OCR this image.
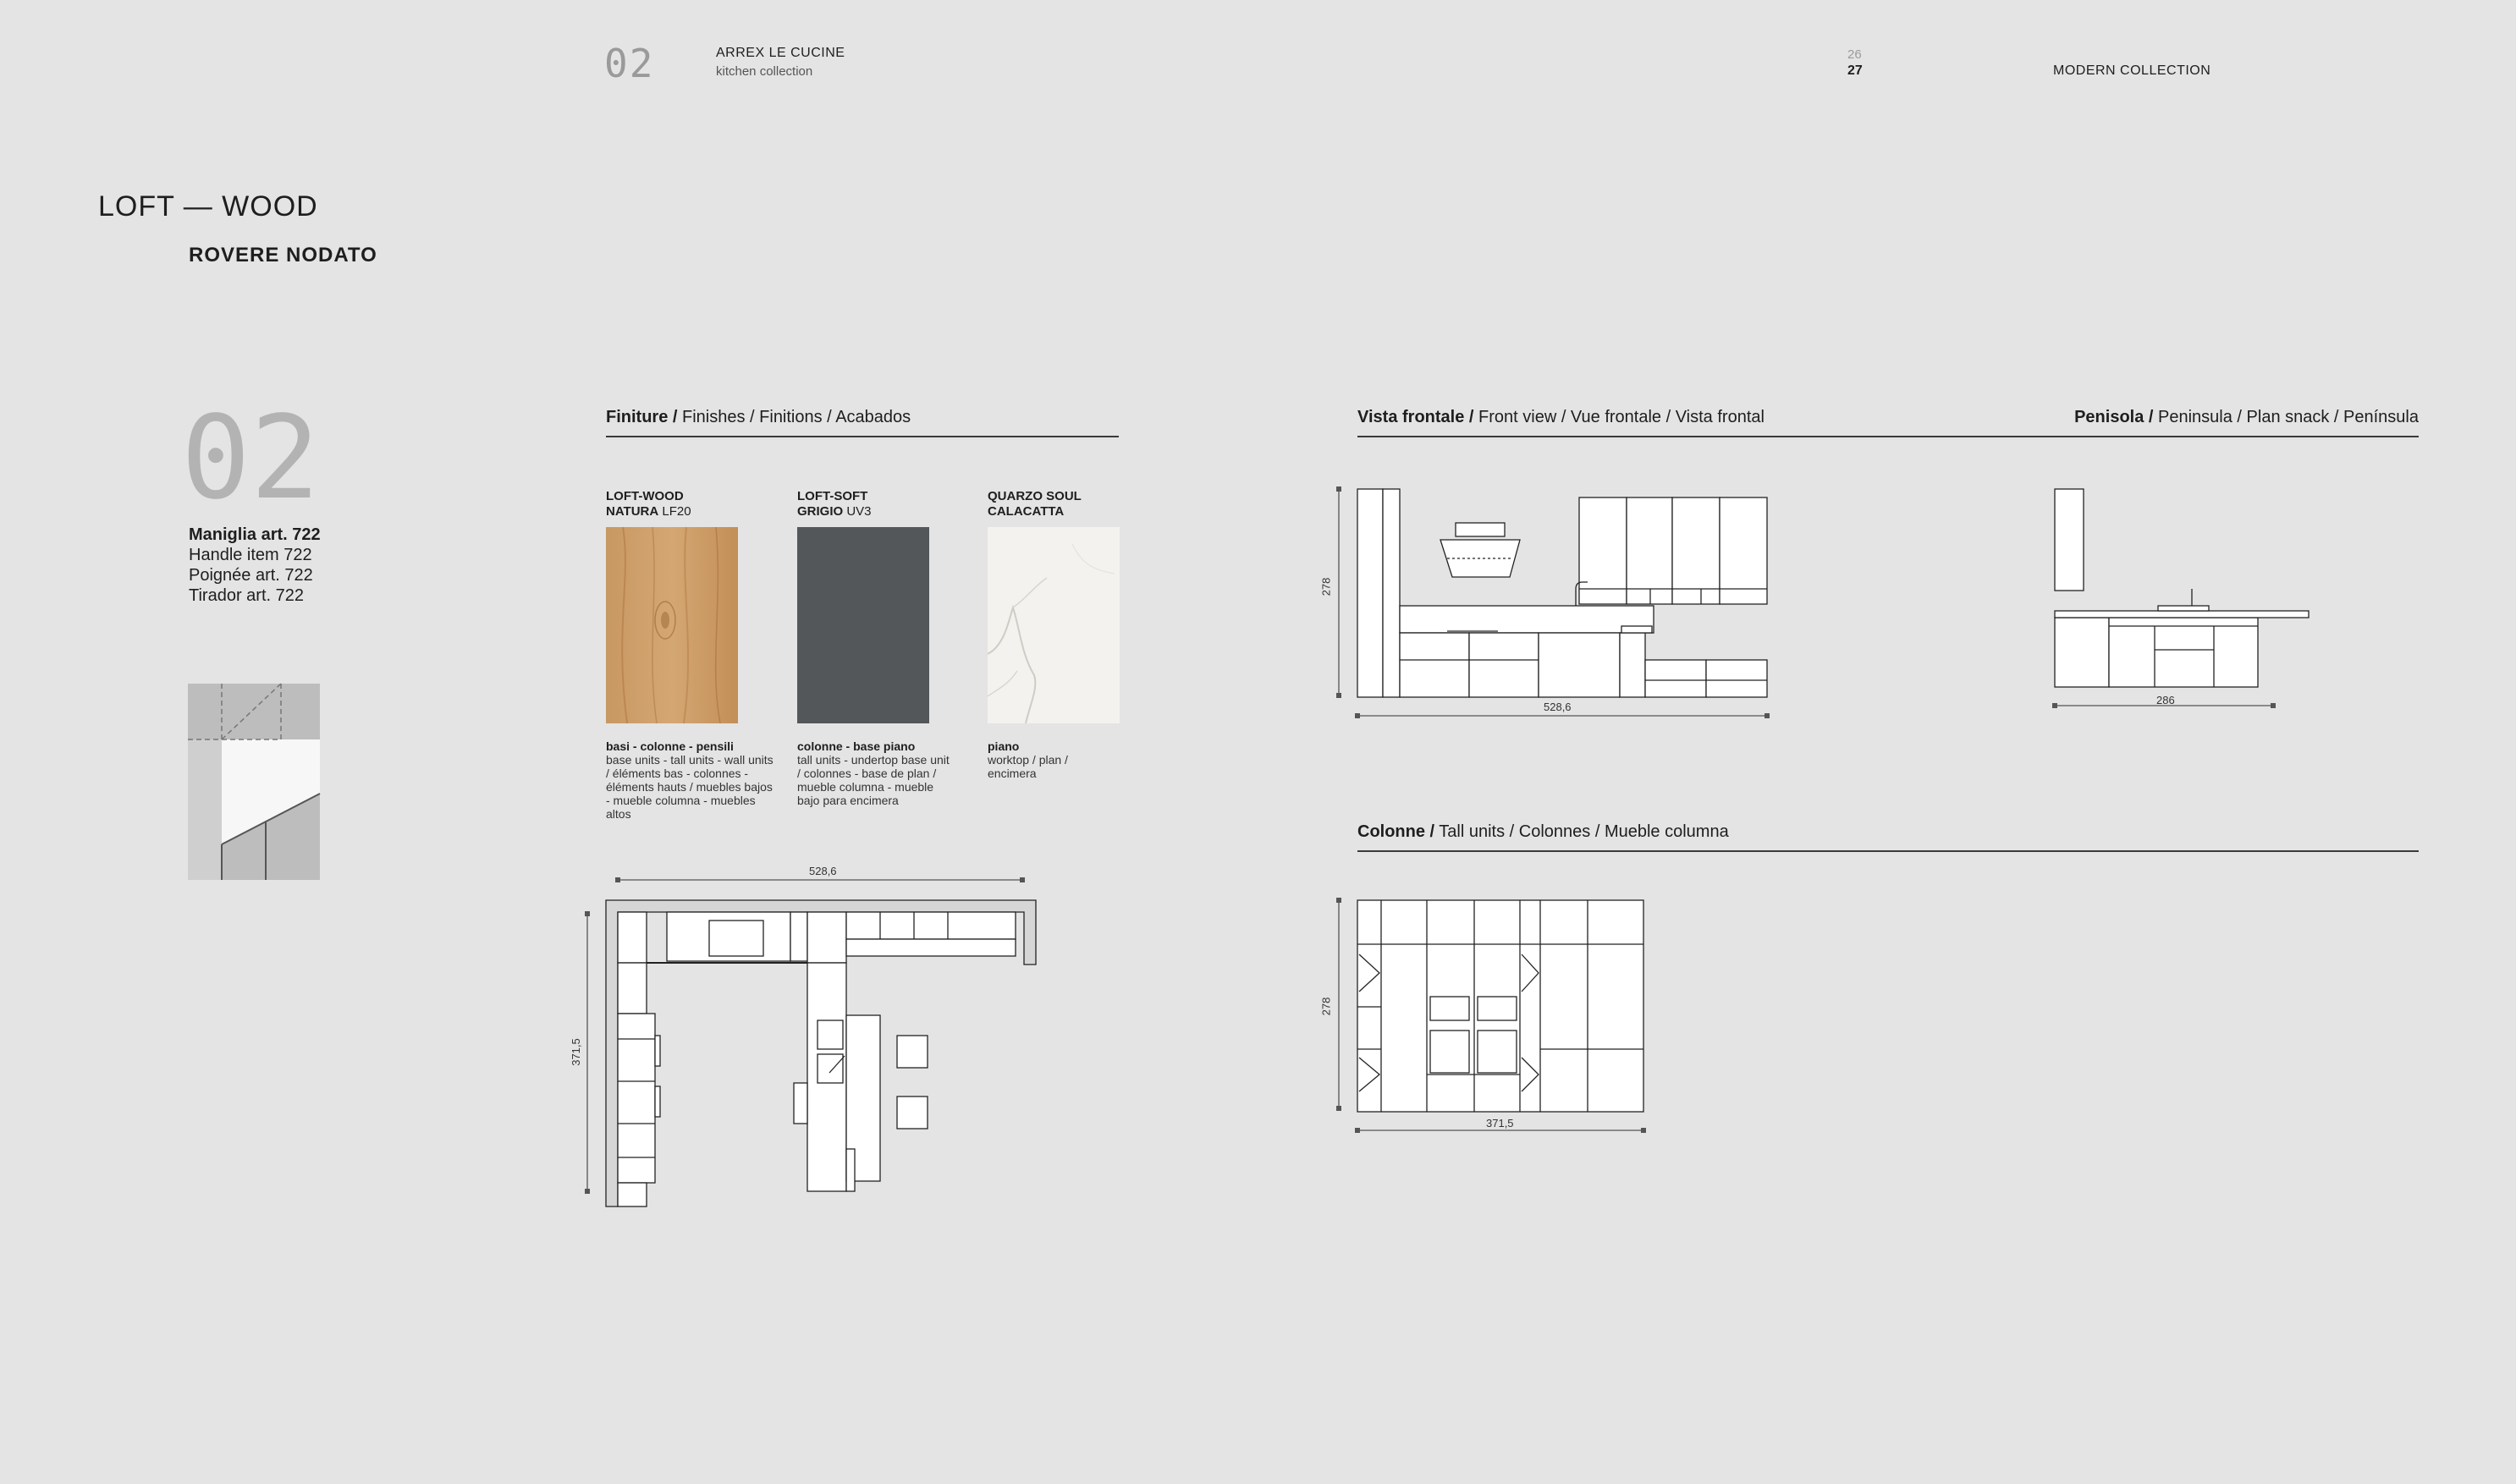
02	ARREX LE CUCINE
kitchen collection
26
27	MODERN COLLECTION
LOFT — WOOD
ROVERE NODATO
02
Maniglia art. 722
Handle item 722
Poignée art. 722
Tirador art. 722
Finiture / Finishes / Finitions / Acabados
LOFT-WOOD
NATURA LF20
basi - colonne - pensili
base units - tall units - wall units / éléments bas - colonnes - éléments hauts / muebles bajos - mueble columna - muebles altos
LOFT-SOFT
GRIGIO UV3
colonne - base piano
tall units - undertop base unit / colonnes - base de plan / mueble columna - mueble bajo para encimera
QUARZO SOUL
CALACATTA
piano
worktop / plan / encimera
Vista frontale / Front view / Vue frontale / Vista frontal	Penisola / Peninsula / Plan snack / Península
278
528,6
286
Colonne / Tall units / Colonnes / Mueble columna
278
371,5
528,6
371,5
